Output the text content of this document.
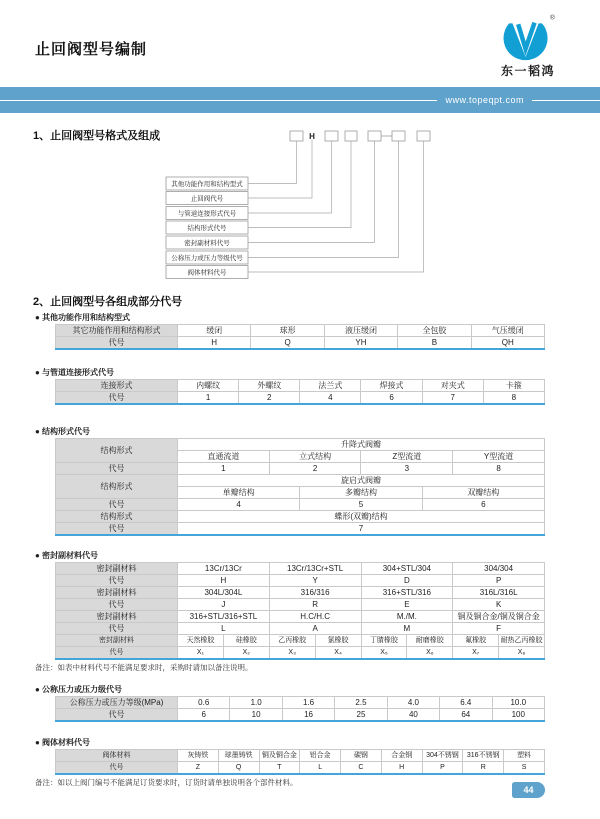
止回阀型号编制
®
东一韬鸿
www.topeqpt.com
1、止回阀型号格式及组成	H
其他功能作用和结构型式
止回阀代号
与管道连接形式代号
结构形式代号
密封副材料代号
公称压力或压力等级代号
阀体材料代号
2、止回阀型号各组成部分代号
● 其他功能作用和结构型式
其它功能作用和结构形式	缓闭	球形	液压缓闭	全包胶	气压缓闭
代号	H	Q	YH	B	QH
● 与管道连接形式代号
连接形式	内螺纹	外螺纹	法兰式	焊接式	对夹式	卡箍
代号	1	2	4	6	7	8
● 结构形式代号
结构形式	升降式阀瓣					
	直通流道	立式结构		Z型流道		Y型流道
代号	1	2		3		8
结构形式	旋启式阀瓣					
	单瓣结构		多瓣结构		双瓣结构	
代号	4		5		6	
结构形式	蝶形(双瓣)结构					
代号	7					
● 密封副材料代号
密封副材料	13Cr/13Cr		13Cr/13Cr+STL		304+STL/304		304/304	
代号	H		Y		D		P	
密封副材料	304L/304L		316/316		316+STL/316		316L/316L	
代号	J		R		E		K	
密封副材料	316+STL/316+STL		H.C/H.C		M./M.		铜及铜合金/铜及铜合金	
代号	L		A		M		F	
密封副材料	天然橡胶	硅橡胶	乙丙橡胶	氯橡胶	丁腈橡胶	耐磨橡胶	氟橡胶	耐热乙丙橡胶
代号	X₁	X₂	X₃	X₄	X₅	X₆	X₇	X₈
备注：如表中材料代号不能满足要求时，采购时请加以备注说明。
● 公称压力或压力级代号
公称压力或压力等级(MPa)	0.6	1.0	1.6	2.5	4.0	6.4	10.0
代号	6	10	16	25	40	64	100
● 阀体材料代号
阀体材料	灰铸铁	球墨铸铁	铜及铜合金	铝合金	碳钢	合金钢	304不锈钢	316不锈钢	塑料
代号	Z	Q	T	L	C	H	P	R	S
备注：如以上阀门编号不能满足订货要求时，订货时请单独说明各个部件材料。
44
